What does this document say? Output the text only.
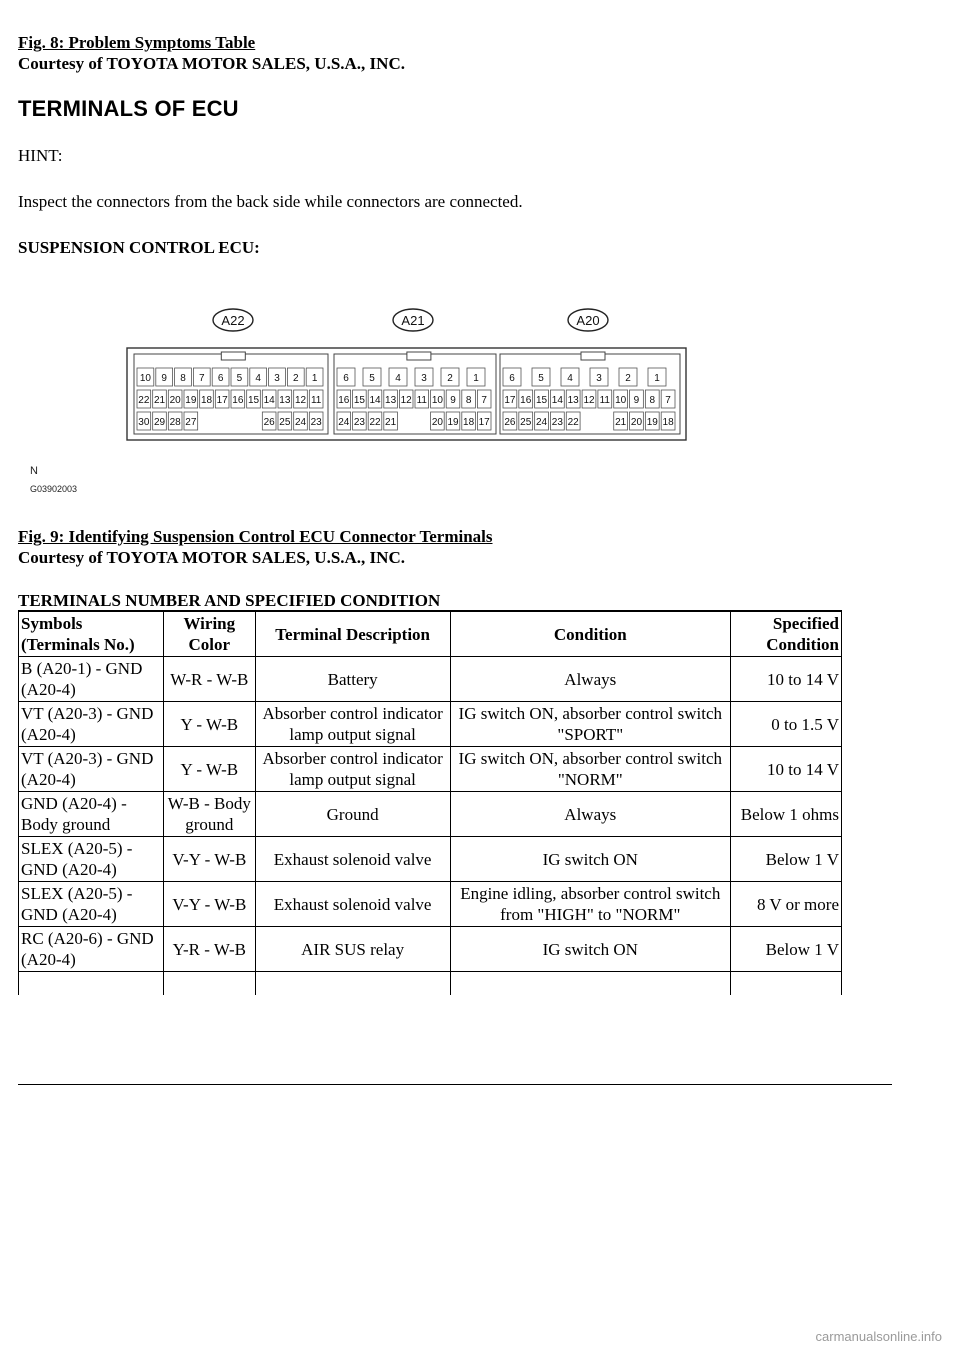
Fig. 8: Problem Symptoms Table
Courtesy of TOYOTA MOTOR SALES, U.S.A., INC.
TERMINALS OF ECU
HINT:
Inspect the connectors from the back side while connectors are connected.
SUSPENSION CONTROL ECU:
A22
10 9 8 7 6 5 4 3 2 1
22 21 20 19 18 17 16 15 14 13 12 11
30 29 28 27	26 25 24 23
A21
6 5 4 3 2 1
16 15 14 13 12 11 10 9 8 7
24 23 22 21	20 19 18 17
A20
6 5 4 3 2 1
17 16 15 14 13 12 11 10 9 8 7
26 25 24 23 22	21 20 19 18
N
G03902003
Fig. 9: Identifying Suspension Control ECU Connector Terminals
Courtesy of TOYOTA MOTOR SALES, U.S.A., INC.
TERMINALS NUMBER AND SPECIFIED CONDITION
Symbols (Terminals No.)	Wiring Color	Terminal Description	Condition	Specified Condition
B (A20-1) - GND (A20-4)	W-R - W-B	Battery	Always	10 to 14 V
VT (A20-3) - GND (A20-4)	Y - W-B	Absorber control indicator lamp output signal	IG switch ON, absorber control switch "SPORT"	0 to 1.5 V
VT (A20-3) - GND (A20-4)	Y - W-B	Absorber control indicator lamp output signal	IG switch ON, absorber control switch "NORM"	10 to 14 V
GND (A20-4) - Body ground	W-B - Body ground	Ground	Always	Below 1 ohms
SLEX (A20-5) - GND (A20-4)	V-Y - W-B	Exhaust solenoid valve	IG switch ON	Below 1 V
SLEX (A20-5) - GND (A20-4)	V-Y - W-B	Exhaust solenoid valve	Engine idling, absorber control switch from "HIGH" to "NORM"	8 V or more
RC (A20-6) - GND (A20-4)	Y-R - W-B	AIR SUS relay	IG switch ON	Below 1 V

carmanualsonline.info
